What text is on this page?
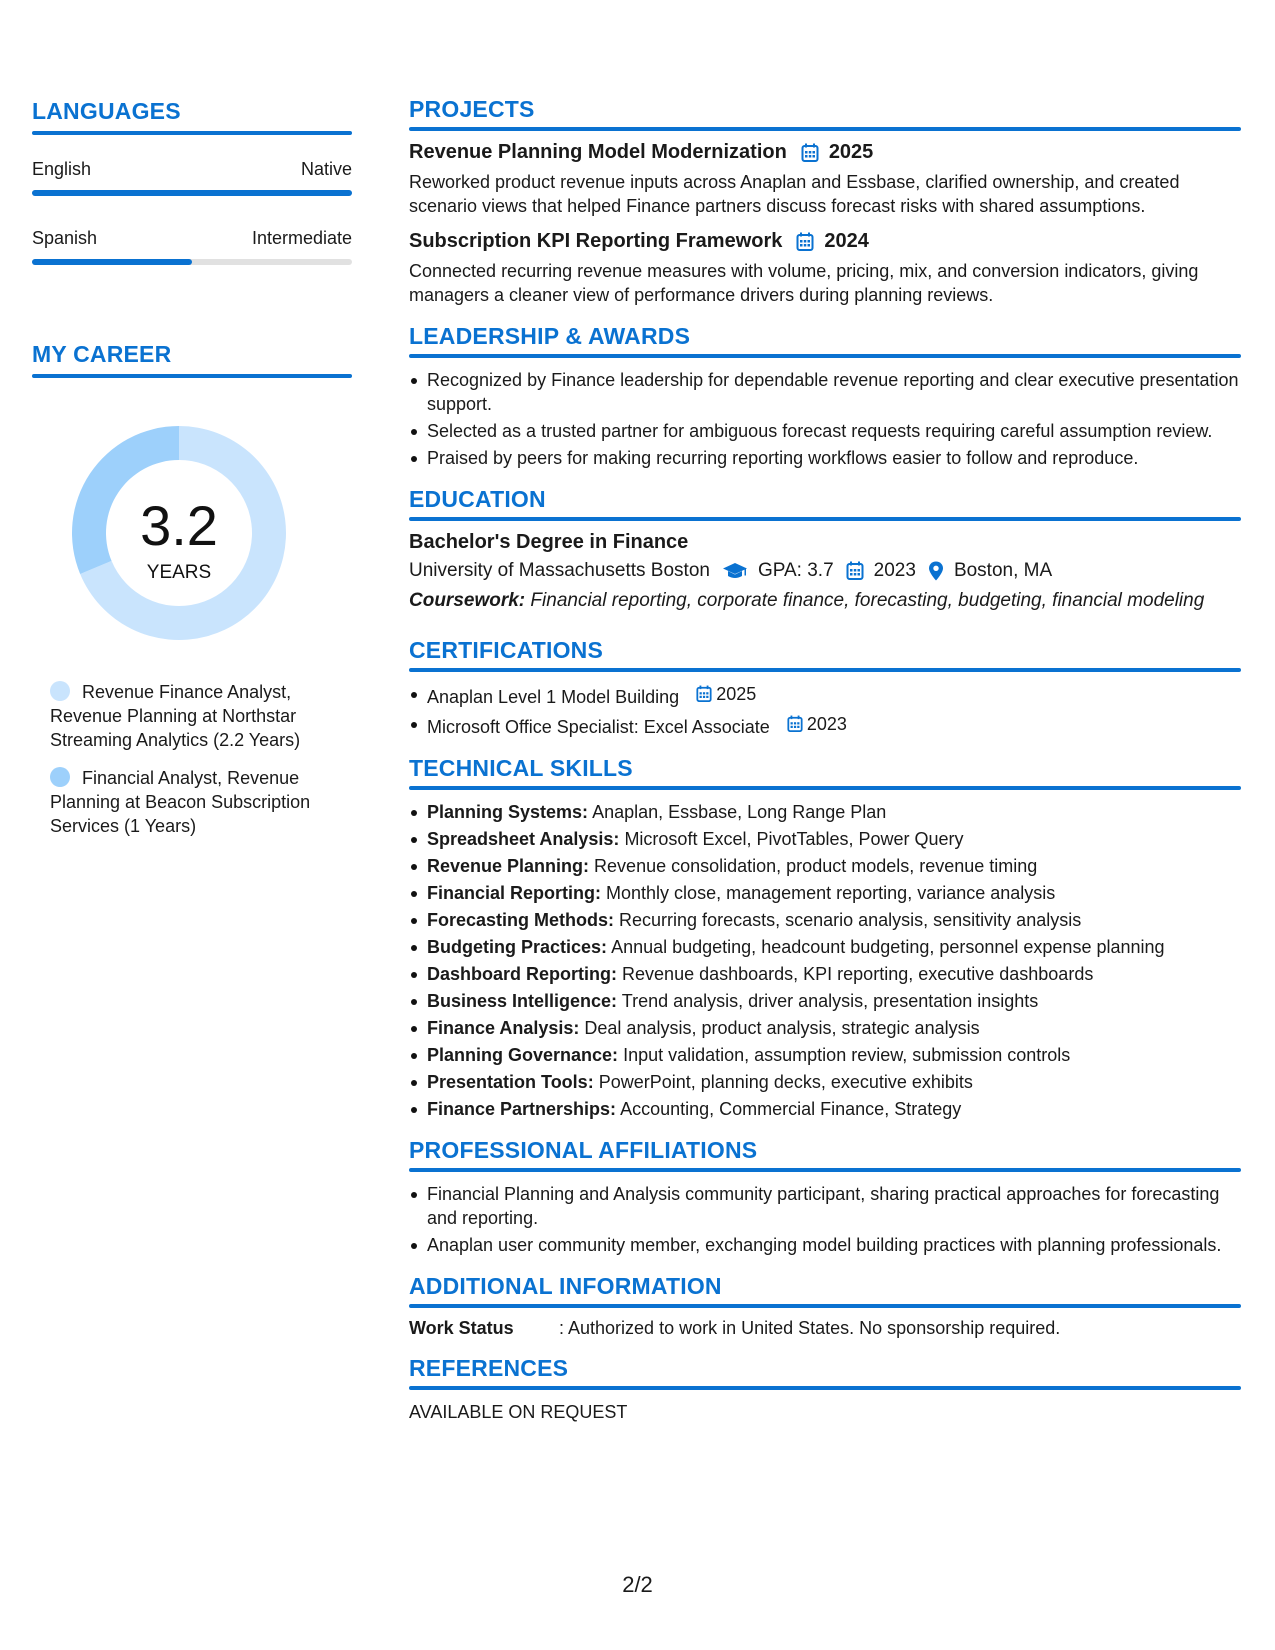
LANGUAGES
English	Native
Spanish	Intermediate
MY CAREER
3.2
YEARS
Revenue Finance Analyst, Revenue Planning at Northstar Streaming Analytics (2.2 Years)
Financial Analyst, Revenue Planning at Beacon Subscription Services (1 Years)
PROJECTS
Revenue Planning Model Modernization 2025
Reworked product revenue inputs across Anaplan and Essbase, clarified ownership, and created scenario views that helped Finance partners discuss forecast risks with shared assumptions.
Subscription KPI Reporting Framework 2024
Connected recurring revenue measures with volume, pricing, mix, and conversion indicators, giving managers a cleaner view of performance drivers during planning reviews.
LEADERSHIP & AWARDS
Recognized by Finance leadership for dependable revenue reporting and clear executive presentation support.
Selected as a trusted partner for ambiguous forecast requests requiring careful assumption review.
Praised by peers for making recurring reporting workflows easier to follow and reproduce.
EDUCATION
Bachelor's Degree in Finance
University of Massachusetts Boston	GPA: 3.7 2023 Boston, MA
Coursework: Financial reporting, corporate finance, forecasting, budgeting, financial modeling
CERTIFICATIONS
Anaplan Level 1 Model Building 2025
Microsoft Office Specialist: Excel Associate 2023
TECHNICAL SKILLS
Planning Systems: Anaplan, Essbase, Long Range Plan
Spreadsheet Analysis: Microsoft Excel, PivotTables, Power Query
Revenue Planning: Revenue consolidation, product models, revenue timing
Financial Reporting: Monthly close, management reporting, variance analysis
Forecasting Methods: Recurring forecasts, scenario analysis, sensitivity analysis
Budgeting Practices: Annual budgeting, headcount budgeting, personnel expense planning
Dashboard Reporting: Revenue dashboards, KPI reporting, executive dashboards
Business Intelligence: Trend analysis, driver analysis, presentation insights
Finance Analysis: Deal analysis, product analysis, strategic analysis
Planning Governance: Input validation, assumption review, submission controls
Presentation Tools: PowerPoint, planning decks, executive exhibits
Finance Partnerships: Accounting, Commercial Finance, Strategy
PROFESSIONAL AFFILIATIONS
Financial Planning and Analysis community participant, sharing practical approaches for forecasting and reporting.
Anaplan user community member, exchanging model building practices with planning professionals.
ADDITIONAL INFORMATION
Work Status	: Authorized to work in United States. No sponsorship required.
REFERENCES
AVAILABLE ON REQUEST
2/2
